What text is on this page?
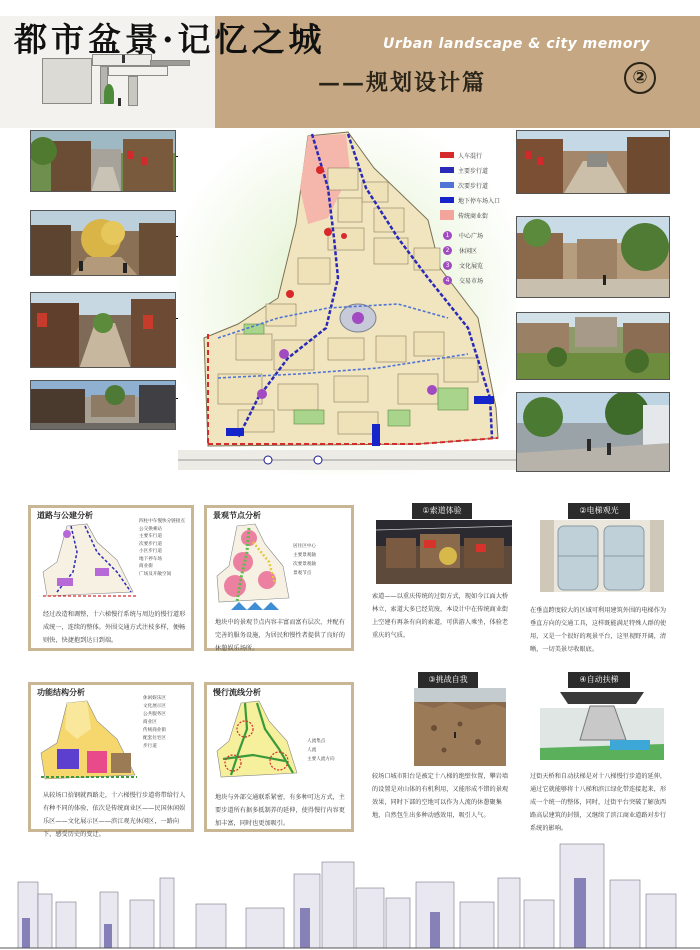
都市盆景·记忆之城	Urban landscape & city memory
——规划设计篇	②
人车混行
主要步行道
次要步行道
地下停车场入口
传统商业街
1	中心广场
2	休闲区
3	文化展览
4	交易市场
道路与公建分析
四柱中车慢快分链接点
公交换乘站
主要车行道
次要步行道
小区步行道
地下停车场
商业街
广场及开敞空间
经过改造和调整，十六梯慢行系统与周边的慢行道形成统一，连续的整体。外围交通方式注枝多样，便畅则快，快捷抱到达日到端。
景观节点分析
居住区中心
主要景观轴
次要景观轴
景观节点
地块中的景观节点内容丰富而富有层次，并配有完善的服务设施，为居民和慢性者提供了良好的休憩娱乐场所。
功能结构分析
休闲娱乐区
文化展示区
公共服务区
商业区
传统商业街
配套住宅区
步行道
从较场口拾钢就西路走，十六梯慢行步道将带给行人有种不同的体验，依次是传统商业区——民国休闲娱乐区——文化展示区——滨江观光休闲区，一路向下，感受历史的变迁。
慢行流线分析
人流集点
人流
主要人流方向
地块与外部交通联系紧密，有多种可达方式，主要步道所有据多抵制养的延伸，使得慢行内容更加丰富，同时也更加吸引。
①索道体验
索道——以重庆传统的过街方式，现如今江面大桥林立，索道大多已经荒废，本设计中在传统商业街上空建有再条有向的索道，可供游人乘坐，体验老重庆的气质。
②电梯观光
在垂直跨度较大的区域可利用建筑外围的电梯作为垂直方向的交通工具，这样既能满足特殊人群的使用，又是一个很好的观景平台，这里视野开阔，清晰，一切美景尽收眼底。
③挑战自我
较场口城市阳台是被定十八梯的绝壁位置，攀岩墙的设置是对山体的有机利用，又能形成不错的景观效果，同时下部的空地可以作为人流的休憩聚集地，自然包生出多种动感效用，吸引人气。
④自动扶梯
过街天桥和自动扶梯是对十八梯慢行步道的延伸，通过它就能够将十八梯和滨江绿化带连接起来，形成一个统一的整体，同时，过街平台突破了解放西路高层建筑的封锁，又继续了滨江商业道路对步行系统的影响。
